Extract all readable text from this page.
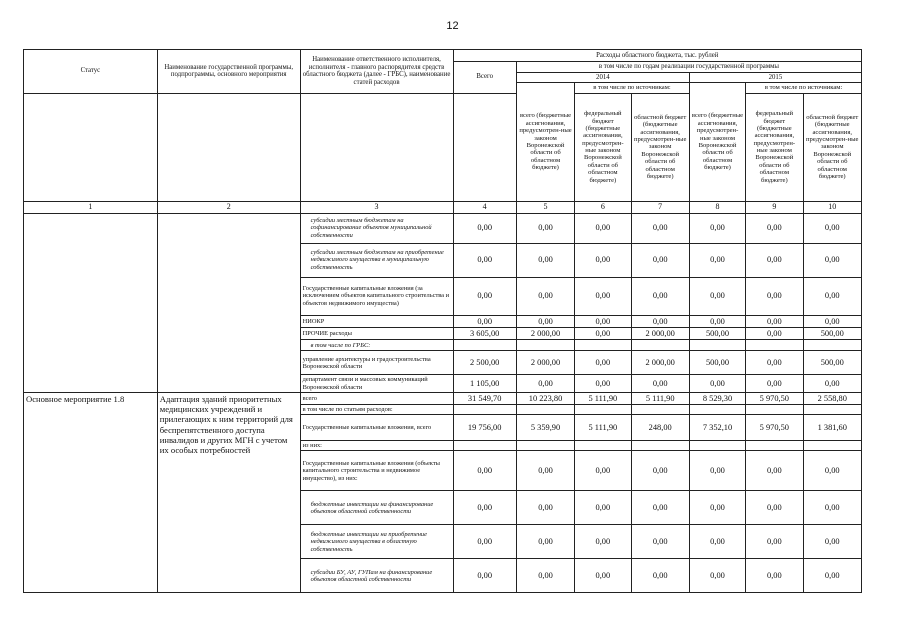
12
Статус	Наименование государственной программы, подпрограммы, основного мероприятия	Наименование ответственного исполнителя, исполнителя - главного распорядителя средств областного бюджета (далее - ГРБС), наименование статей расходов	Расходы областного бюджета, тыс. рублей						
			Всего	в том числе по годам реализации государственной программы					
				2014			2015		
				всего (бюджетные ассигнования, предусмотрен-ные законом Воронежской области об областном бюджете)	в том числе по источникам:		всего (бюджетные ассигнования, предусмотрен-ные законом Воронежской области об областном бюджете)	в том числе по источникам:	
					федеральный бюджет (бюджетные ассигнования, предусмотрен-ные законом Воронежской области об областном бюджете)	областной бюджет (бюджетные ассигнования, предусмотрен-ные законом Воронежской области об областном бюджете)		федеральный бюджет (бюджетные ассигнования, предусмотрен-ные законом Воронежской области об областном бюджете)	областной бюджет (бюджетные ассигнования, предусмотрен-ные законом Воронежской области об областном бюджете)
1	2	3	4	5	6	7	8	9	10
		субсидии местным бюджетам на софинансирование объектов муниципальной собственности	0,00	0,00	0,00	0,00	0,00	0,00	0,00
		субсидии местным бюджетам на приобретение недвижимого имущества в муниципальную собственность	0,00	0,00	0,00	0,00	0,00	0,00	0,00
		Государственные капитальные вложения (за исключением объектов капитального строительства и объектов недвижимого имущества)	0,00	0,00	0,00	0,00	0,00	0,00	0,00
		НИОКР	0,00	0,00	0,00	0,00	0,00	0,00	0,00
		ПРОЧИЕ расходы	3 605,00	2 000,00	0,00	2 000,00	500,00	0,00	500,00
		в том числе по ГРБС:							
		управление архитектуры и градостроительства Воронежской области	2 500,00	2 000,00	0,00	2 000,00	500,00	0,00	500,00
		департамент связи и массовых коммуникаций Воронежской области	1 105,00	0,00	0,00	0,00	0,00	0,00	0,00
Основное мероприятие 1.8	Адаптация зданий приоритетных медицинских учреждений и прилегающих к ним территорий для беспрепятственного доступа инвалидов и других МГН с учетом их особых потребностей	всего	31 549,70	10 223,80	5 111,90	5 111,90	8 529,30	5 970,50	2 558,80
		в том числе по статьям расходов:							
		Государственные капитальные вложения, всего	19 756,00	5 359,90	5 111,90	248,00	7 352,10	5 970,50	1 381,60
		из них:							
		Государственные капитальные вложения (объекты капитального строительства и недвижимое имущество), из них:	0,00	0,00	0,00	0,00	0,00	0,00	0,00
		бюджетные инвестиции на финансирование объектов областной собственности	0,00	0,00	0,00	0,00	0,00	0,00	0,00
		бюджетные инвестиции на приобретение недвижимого имущества в областную собственность	0,00	0,00	0,00	0,00	0,00	0,00	0,00
		субсидии БУ, АУ, ГУПам на финансирование объектов областной собственности	0,00	0,00	0,00	0,00	0,00	0,00	0,00
